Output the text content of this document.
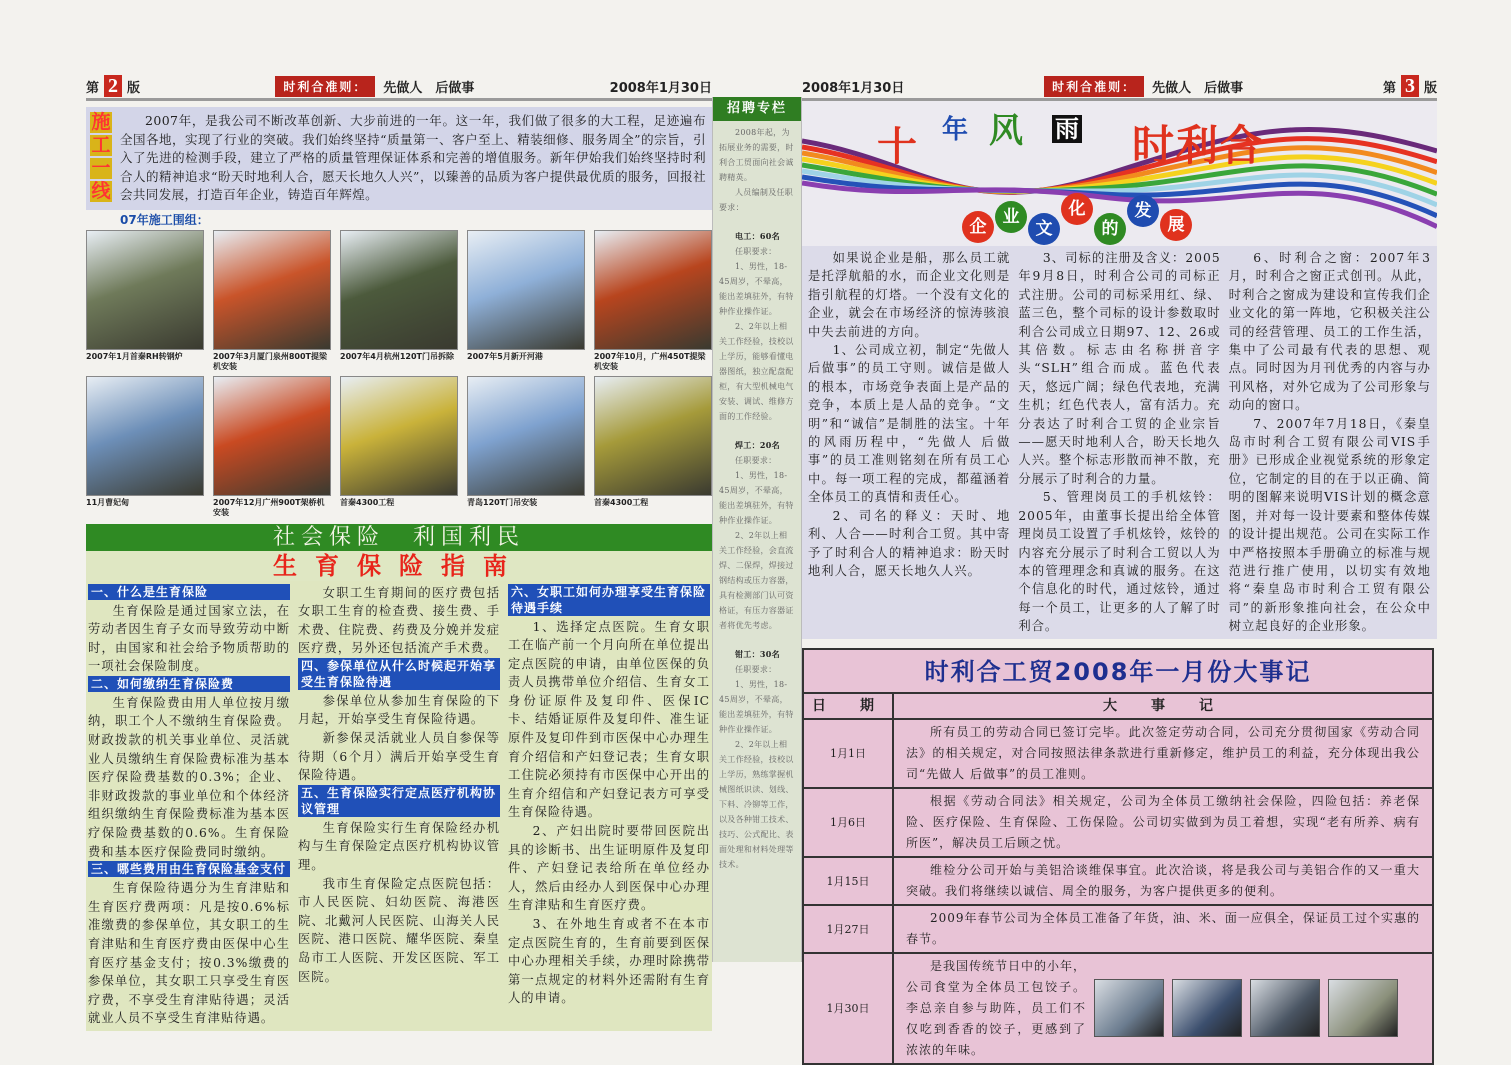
第 2 版	时利合准则：	先做人　后做事	2008年1月30日
施
工
一
线

2007年，是我公司不断改革创新、大步前进的一年。这一年，我们做了很多的大工程，足迹遍布全国各地，实现了行业的突破。我们始终坚持“质量第一、客户至上、精装细修、服务周全”的宗旨，引入了先进的检测手段，建立了严格的质量管理保证体系和完善的增值服务。新年伊始我们始终坚持时利合人的精神追求“盼天时地利人合，愿天长地久人兴”，以臻善的品质为客户提供最优质的服务，回报社会共同发展，打造百年企业，铸造百年辉煌。

07年施工围组：
2007年1月首秦RH转钢炉	2007年3月厦门泉州800T提梁机安装
2007年4月杭州120T门吊拆除	2007年5月新开河港	2007年10月，广州450T提梁机安装
11月曹妃甸	2007年12月广州900T架桥机安装
首秦4300工程	青岛120T门吊安装	首秦4300工程
社会保险　利国利民
生育保险指南
一、什么是生育保险

生育保险是通过国家立法，在劳动者因生育子女而导致劳动中断时，由国家和社会给予物质帮助的一项社会保险制度。

二、如何缴纳生育保险费

生育保险费由用人单位按月缴纳，职工个人不缴纳生育保险费。财政拨款的机关事业单位、灵活就业人员缴纳生育保险费标准为基本医疗保险费基数的0.3%；企业、非财政拨款的事业单位和个体经济组织缴纳生育保险费标准为基本医疗保险费基数的0.6%。生育保险费和基本医疗保险费同时缴纳。

三、哪些费用由生育保险基金支付

生育保险待遇分为生育津贴和生育医疗费两项：凡是按0.6%标准缴费的参保单位，其女职工的生育津贴和生育医疗费由医保中心生育医疗基金支付；按0.3%缴费的参保单位，其女职工只享受生育医疗费，不享受生育津贴待遇；灵活就业人员不享受生育津贴待遇。

女职工生育期间的医疗费包括女职工生育的检查费、接生费、手术费、住院费、药费及分娩并发症医疗费，另外还包括流产手术费。

四、参保单位从什么时候起开始享受生育保险待遇

参保单位从参加生育保险的下月起，开始享受生育保险待遇。

新参保灵活就业人员自参保等待期（6个月）满后开始享受生育保险待遇。

五、生育保险实行定点医疗机构协议管理

生育保险实行生育保险经办机构与生育保险定点医疗机构协议管理。

我市生育保险定点医院包括：市人民医院、妇幼医院、海港医院、北戴河人民医院、山海关人民医院、港口医院、耀华医院、秦皇岛市工人医院、开发区医院、军工医院。

六、女职工如何办理享受生育保险待遇手续

1、选择定点医院。生育女职工在临产前一个月向所在单位提出定点医院的申请，由单位医保的负责人员携带单位介绍信、生育女工身份证原件及复印件、医保IC卡、结婚证原件及复印件、准生证原件及复印件到市医保中心办理生育介绍信和产妇登记表；生育女职工住院必须持有市医保中心开出的生育介绍信和产妇登记表方可享受生育保险待遇。

2、产妇出院时要带回医院出具的诊断书、出生证明原件及复印件、产妇登记表给所在单位经办人，然后由经办人到医保中心办理生育津贴和生育医疗费。

3、在外地生育或者不在本市定点医院生育的，生育前要到医保中心办理相关手续，办理时除携带第一点规定的材料外还需附有生育人的申请。

招聘专栏

2008年起，为拓展业务的需要，时利合工贸面向社会诚聘精英。

人员编制及任职要求：

电工：60名

任职要求：

1、男性，18-45周岁，不晕高，能出差填驻外，有特种作业操作证。

2、2年以上相关工作经验，技校以上学历，能够看懂电器图纸，独立配盘配柜，有大型机械电气安装、调试、维修方面的工作经验。

焊工：20名

任职要求：

1、男性，18-45周岁，不晕高，能出差填驻外，有特种作业操作证。

2、2年以上相关工作经验，会直流焊、二保焊，焊接过钢结构或压力容器，具有检测部门认可资格证，有压力容器证者将优先考虑。

钳工：30名

任职要求：

1、男性，18-45周岁，不晕高，能出差填驻外，有特种作业操作证。

2、2年以上相关工作经验，技校以上学历，熟练掌握机械图纸识读、划线、下料、冷铆等工作，以及各种钳工技术、技巧、公式配比、表面处理和材料处理等技术。

2008年1月30日	时利合准则：	先做人　后做事	第 3 版
十 年 风 雨 时利合
企 业
文
化
的
发
展

如果说企业是船，那么员工就是托浮航船的水，而企业文化则是指引航程的灯塔。一个没有文化的企业，就会在市场经济的惊涛骇浪中失去前进的方向。

1、公司成立初，制定“先做人 后做事”的员工守则。诚信是做人的根本，市场竞争表面上是产品的竞争，本质上是人品的竞争。“文明”和“诚信”是制胜的法宝。十年的风雨历程中，“先做人 后做事”的员工准则铭刻在所有员工心中。每一项工程的完成，都蕴涵着全体员工的真情和责任心。

2、司名的释义：天时、地利、人合——时利合工贸。其中寄予了时利合人的精神追求：盼天时地利人合，愿天长地久人兴。

3、司标的注册及含义：2005年9月8日，时利合公司的司标正式注册。公司的司标采用红、绿、蓝三色，整个司标的设计参数取时利合公司成立日期97、12、26或其倍数。标志由名称拼音字头“SLH”组合而成。蓝色代表天，悠远广阔；绿色代表地，充满生机；红色代表人，富有活力。充分表达了时利合工贸的企业宗旨——愿天时地利人合，盼天长地久人兴。整个标志形散而神不散，充分展示了时利合的力量。

5、管理岗员工的手机炫铃：2005年，由董事长提出给全体管理岗员工设置了手机炫铃，炫铃的内容充分展示了时利合工贸以人为本的管理理念和真诚的服务。在这个信息化的时代，通过炫铃，通过每一个员工，让更多的人了解了时利合。

6、时利合之窗：2007年3月，时利合之窗正式创刊。从此，时利合之窗成为建设和宣传我们企业文化的第一阵地，它积极关注公司的经营管理、员工的工作生活，集中了公司最有代表的思想、观点。同时因为月刊优秀的内容与办刊风格，对外它成为了公司形象与动向的窗口。

7、2007年7月18日，《秦皇岛市时利合工贸有限公司VIS手册》已形成企业视觉系统的形象定位，它制定的目的在于以正确、简明的图解来说明VIS计划的概念意图，并对每一设计要素和整体传媒的设计提出规范。公司在实际工作中严格按照本手册确立的标准与规范进行推广使用，以切实有效地将“秦皇岛市时利合工贸有限公司”的新形象推向社会，在公众中树立起良好的企业形象。

时利合工贸2008年一月份大事记
日　期	大　事　记
1月1日
所有员工的劳动合同已签订完毕。此次签定劳动合同，公司充分贯彻国家《劳动合同法》的相关规定，对合同按照法律条款进行重新修定，维护员工的利益，充分体现出我公司“先做人 后做事”的员工准则。
1月6日
根据《劳动合同法》相关规定，公司为全体员工缴纳社会保险，四险包括：养老保险、医疗保险、生育保险、工伤保险。公司切实做到为员工着想，实现“老有所养、病有所医”，解决员工后顾之忧。
1月15日
维检分公司开始与美铝洽谈维保事宜。此次洽谈，将是我公司与美铝合作的又一重大突破。我们将继续以诚信、周全的服务，为客户提供更多的便利。
1月27日
2009年春节公司为全体员工准备了年货，油、米、面一应俱全，保证员工过个实惠的春节。
1月30日
是我国传统节日中的小年，公司食堂为全体员工包饺子。李总亲自参与助阵，员工们不仅吃到香香的饺子，更感到了浓浓的年味。
